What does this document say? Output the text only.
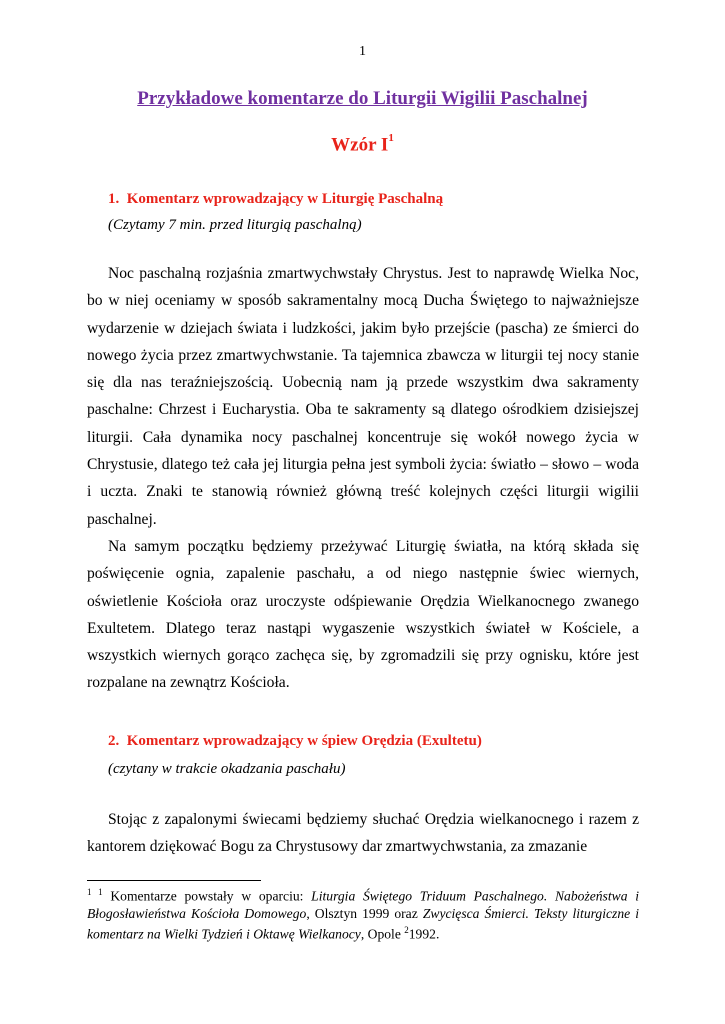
1
Przykładowe komentarze do Liturgii Wigilii Paschalnej
Wzór $I^1$
1.  Komentarz wprowadzający w Liturgię Paschalną
(Czytamy 7 min. przed liturgią paschalną)

Noc paschalną rozjaśnia zmartwychwstały Chrystus. Jest to naprawdę Wielka Noc, bo w niej oceniamy w sposób sakramentalny mocą Ducha Świętego to najważniejsze wydarzenie w dziejach świata i ludzkości, jakim było przejście (pascha) ze śmierci do nowego życia przez zmartwychwstanie. Ta tajemnica zbawcza w liturgii tej nocy stanie się dla nas teraźniejszością. Uobecnią nam ją przede wszystkim dwa sakramenty paschalne: Chrzest i Eucharystia. Oba te sakramenty są dlatego ośrodkiem dzisiejszej liturgii. Cała dynamika nocy paschalnej koncentruje się wokół nowego życia w Chrystusie, dlatego też cała jej liturgia pełna jest symboli życia: światło – słowo – woda i uczta. Znaki te stanowią również główną treść kolejnych części liturgii wigilii paschalnej.

Na samym początku będziemy przeżywać Liturgię światła, na którą składa się poświęcenie ognia, zapalenie paschału, a od niego następnie świec wiernych, oświetlenie Kościoła oraz uroczyste odśpiewanie Orędzia Wielkanocnego zwanego Exultetem. Dlatego teraz nastąpi wygaszenie wszystkich świateł w Kościele, a wszystkich wiernych gorąco zachęca się, by zgromadzili się przy ognisku, które jest rozpalane na zewnątrz Kościoła.

2.  Komentarz wprowadzający w śpiew Orędzia (Exultetu)
(czytany w trakcie okadzania paschału)

Stojąc z zapalonymi świecami będziemy słuchać Orędzia wielkanocnego i razem z kantorem dziękować Bogu za Chrystusowy dar zmartwychwstania, za zmazanie

$^{1 1}$ Komentarze powstały w oparciu: Liturgia Świętego Triduum Paschalnego. Nabożeństwa i Błogosławieństwa Kościoła Domowego, Olsztyn 1999 oraz Zwycięsca Śmierci. Teksty liturgiczne i komentarz na Wielki Tydzień i Oktawę Wielkanocy, Opole $^2$1992.
